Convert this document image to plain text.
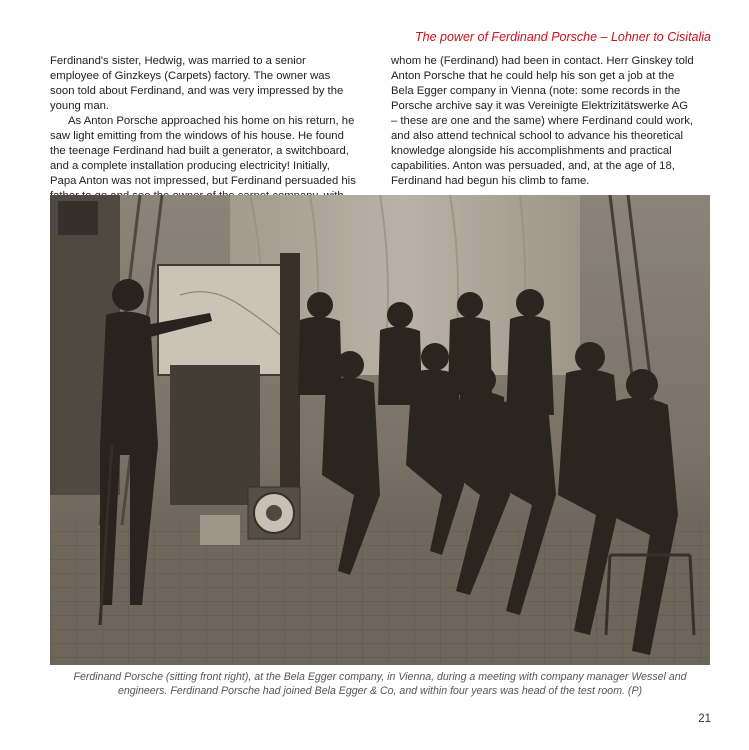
The power of Ferdinand Porsche – Lohner to Cisitalia

Ferdinand's sister, Hedwig, was married to a senior employee of Ginzkeys (Carpets) factory. The owner was soon told about Ferdinand, and was very impressed by the young man.

As Anton Porsche approached his home on his return, he saw light emitting from the windows of his house. He found the teenage Ferdinand had built a generator, a switchboard, and a complete installation producing electricity! Initially, Papa Anton was not impressed, but Ferdinand persuaded his

whom he (Ferdinand) had been in contact. Herr Ginskey told Anton Porsche that he could help his son get a job at the Bela Egger company in Vienna (note: some records in the Porsche archive say it was Vereinigte Elektrizitätswerke AG – these are one and the same) where Ferdinand could work, and also attend technical school to advance his theoretical knowledge alongside his accomplishments and practical capabilities. Anton was persuaded, and, at the age of 18, Ferdinand had begun his climb to fame.

Ferdinand Porsche (sitting front right), at the Bela Egger company, in Vienna, during a meeting with company manager Wessel and engineers. Ferdinand Porsche had joined Bela Egger & Co, and within four years was head of the test room. (P)
21
